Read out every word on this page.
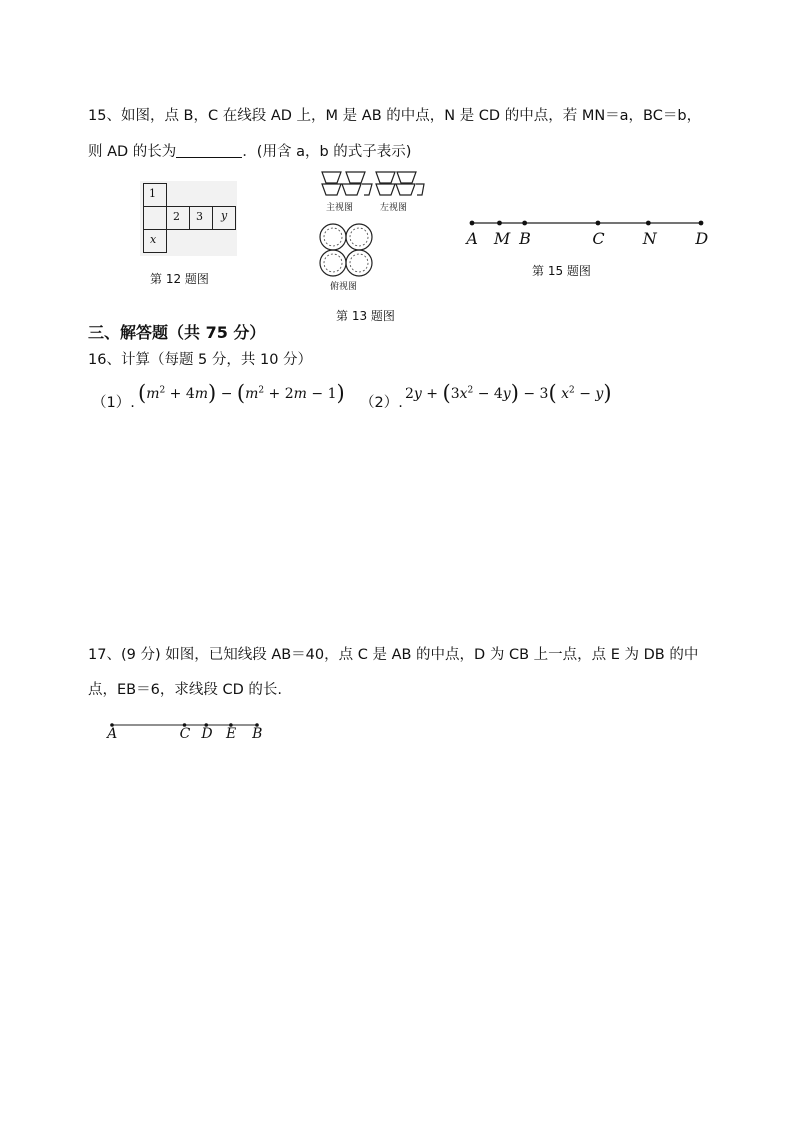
15、如图，点 B，C 在线段 AD 上，M 是 AB 的中点，N 是 CD 的中点，若 MN＝a，BC＝b，
则 AD 的长为	．(用含 a，b 的式子表示)
1
2 3 y
x
第 12 题图
主视图	左视图
俯视图
第 13 题图
A M B	C N D
第 15 题图
三、解答题（共 75 分）
16、计算（每题 5 分，共 10 分）
（1）. $(m^2 + 4m) - (m^2 + 2m - 1)$ （2）.
$2y + (3x^2 - 4y) - 3$( $x^2 - y$)
17、(9 分) 如图，已知线段 AB＝40，点 C 是 AB 的中点，D 为 CB 上一点，点 E 为 DB 的中
点，EB＝6，求线段 CD 的长.
A	C D E B
